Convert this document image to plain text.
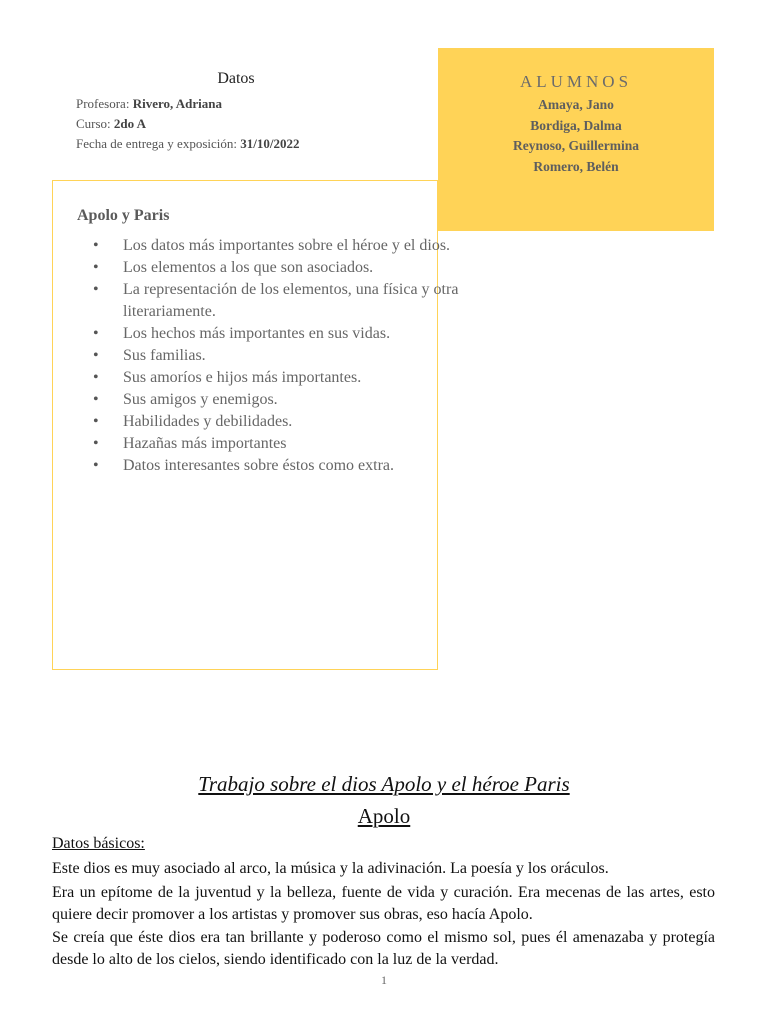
Datos
Profesora: Rivero, Adriana
Curso: 2do A
Fecha de entrega y exposición: 31/10/2022
ALUMNOS
Amaya, Jano
Bordiga, Dalma
Reynoso, Guillermina
Romero, Belén
Apolo y Paris
• Los datos más importantes sobre el héroe y el dios.
• Los elementos a los que son asociados.
• La representación de los elementos, una física y otra literariamente.
• Los hechos más importantes en sus vidas.
• Sus familias.
• Sus amoríos e hijos más importantes.
• Sus amigos y enemigos.
• Habilidades y debilidades.
• Hazañas más importantes
• Datos interesantes sobre éstos como extra.
Trabajo sobre el dios Apolo y el héroe Paris
Apolo
Datos básicos:

Este dios es muy asociado al arco, la música y la adivinación. La poesía y los oráculos.

Era un epítome de la juventud y la belleza, fuente de vida y curación. Era mecenas de las artes, esto quiere decir promover a los artistas y promover sus obras, eso hacía Apolo.

Se creía que éste dios era tan brillante y poderoso como el mismo sol, pues él amenazaba y protegía desde lo alto de los cielos, siendo identificado con la luz de la verdad.

1
